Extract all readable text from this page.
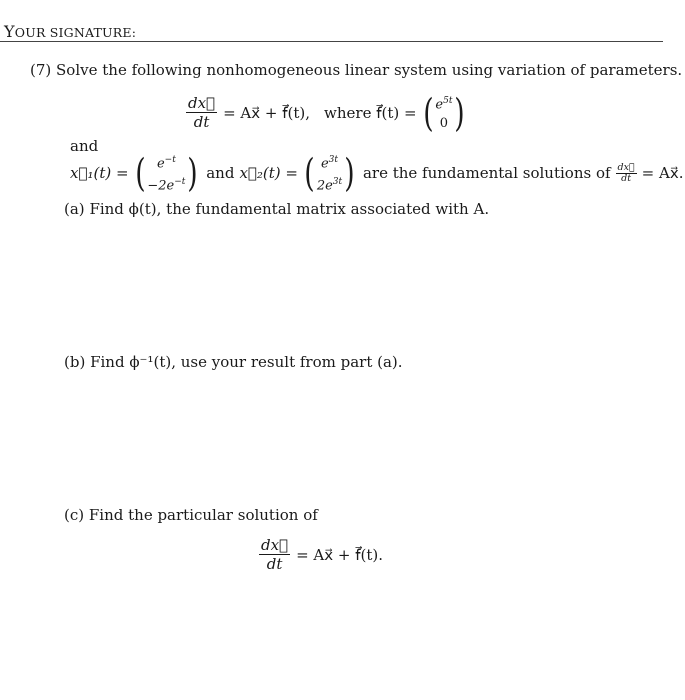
YOUR SIGNATURE:
(7) Solve the following nonhomogeneous linear system using variation of parameters.
$\frac{dx⃗}{dt}$ = Ax⃗ + f⃗(t), where f⃗(t) = ( $e^{5t}$
0 )
and
x⃗₁(t) = ( $e^{-t}$
$-2e^{-t}$ ) and x⃗₂(t) = ( $e^{3t}$
$2e^{3t}$ ) are the fundamental solutions of $\frac{dx⃗}{dt}$ = Ax⃗.
(a) Find ϕ(t), the fundamental matrix associated with A.
(b) Find ϕ⁻¹(t), use your result from part (a).
(c) Find the particular solution of
$\frac{dx⃗}{dt}$ = Ax⃗ + f⃗(t).
